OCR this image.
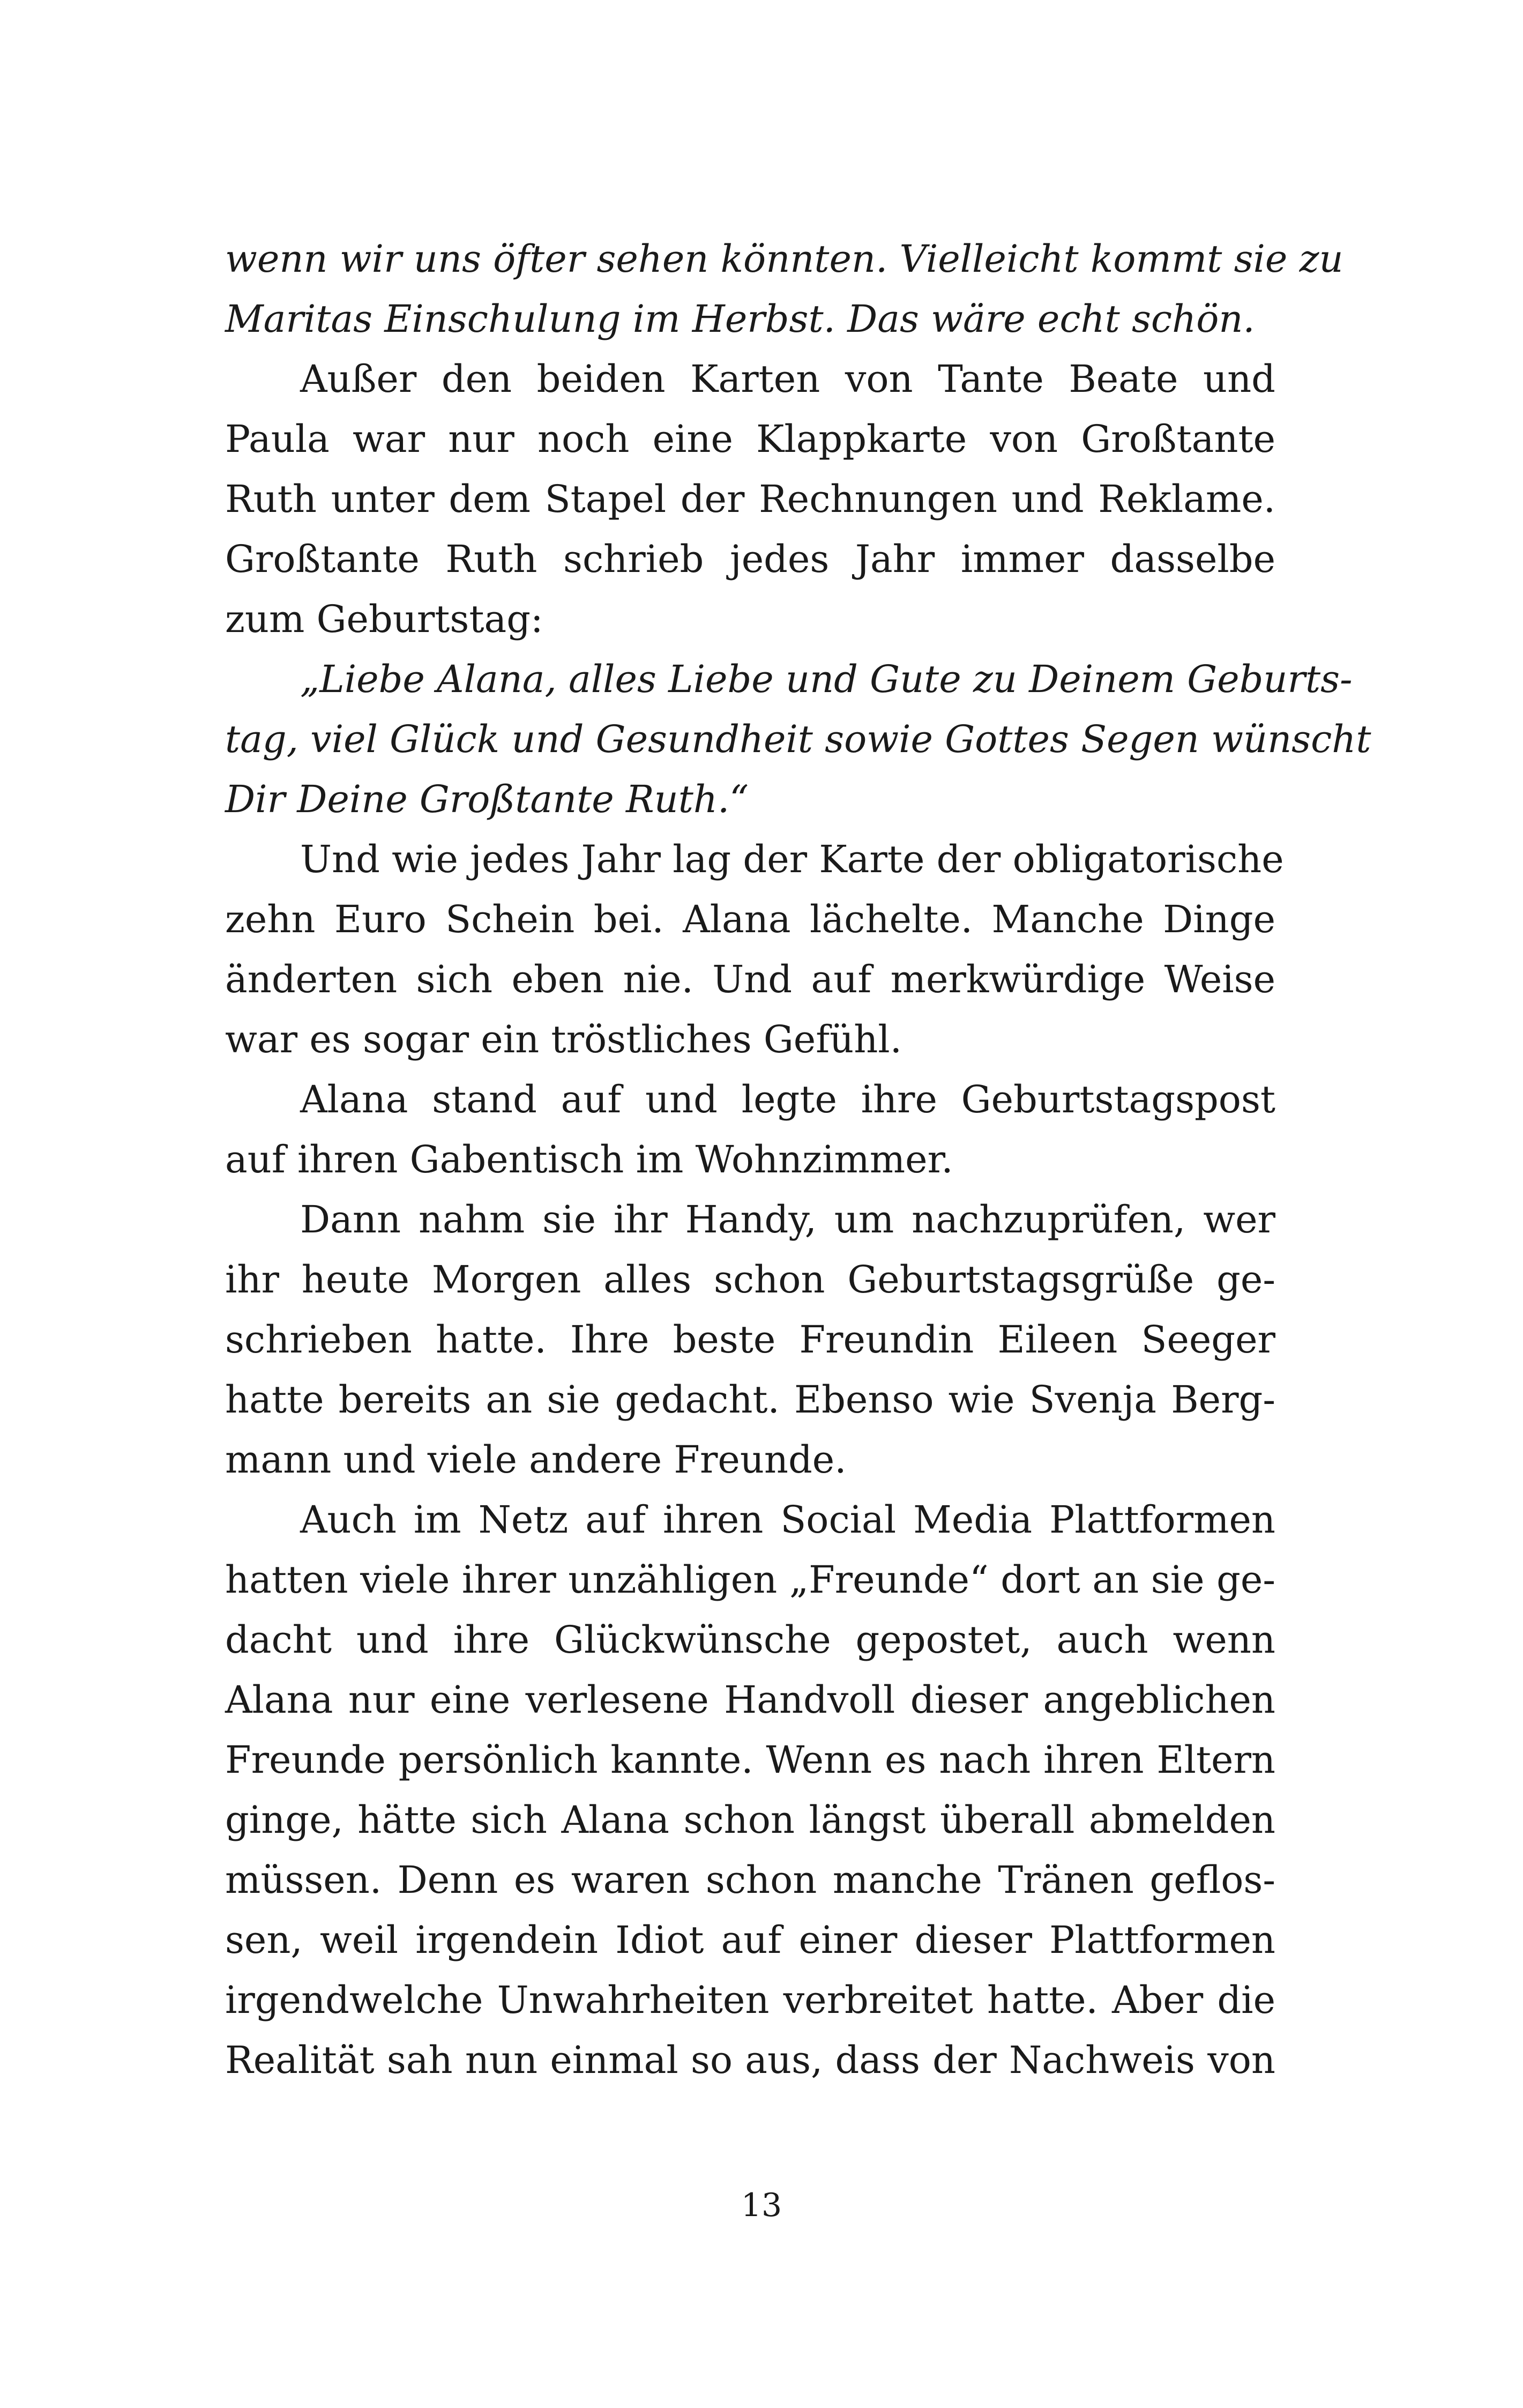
wenn wir uns öfter sehen könnten. Vielleicht kommt sie zu
Maritas Einschulung im Herbst. Das wäre echt schön.
Außer den beiden Karten von Tante Beate und
Paula war nur noch eine Klappkarte von Großtante
Ruth unter dem Stapel der Rechnungen und Reklame.
Großtante Ruth schrieb jedes Jahr immer dasselbe
zum Geburtstag:
„Liebe Alana, alles Liebe und Gute zu Deinem Geburts-
tag, viel Glück und Gesundheit sowie Gottes Segen wünscht
Dir Deine Großtante Ruth.“
Und wie jedes Jahr lag der Karte der obligatorische
zehn Euro Schein bei. Alana lächelte. Manche Dinge
änderten sich eben nie. Und auf merkwürdige Weise
war es sogar ein tröstliches Gefühl.
Alana stand auf und legte ihre Geburtstagspost
auf ihren Gabentisch im Wohnzimmer.
Dann nahm sie ihr Handy, um nachzuprüfen, wer
ihr heute Morgen alles schon Geburtstagsgrüße ge-
schrieben hatte. Ihre beste Freundin Eileen Seeger
hatte bereits an sie gedacht. Ebenso wie Svenja Berg-
mann und viele andere Freunde.
Auch im Netz auf ihren Social Media Plattformen
hatten viele ihrer unzähligen „Freunde“ dort an sie ge-
dacht und ihre Glückwünsche gepostet, auch wenn
Alana nur eine verlesene Handvoll dieser angeblichen
Freunde persönlich kannte. Wenn es nach ihren Eltern
ginge, hätte sich Alana schon längst überall abmelden
müssen. Denn es waren schon manche Tränen geflos-
sen, weil irgendein Idiot auf einer dieser Plattformen
irgendwelche Unwahrheiten verbreitet hatte. Aber die
Realität sah nun einmal so aus, dass der Nachweis von
13
